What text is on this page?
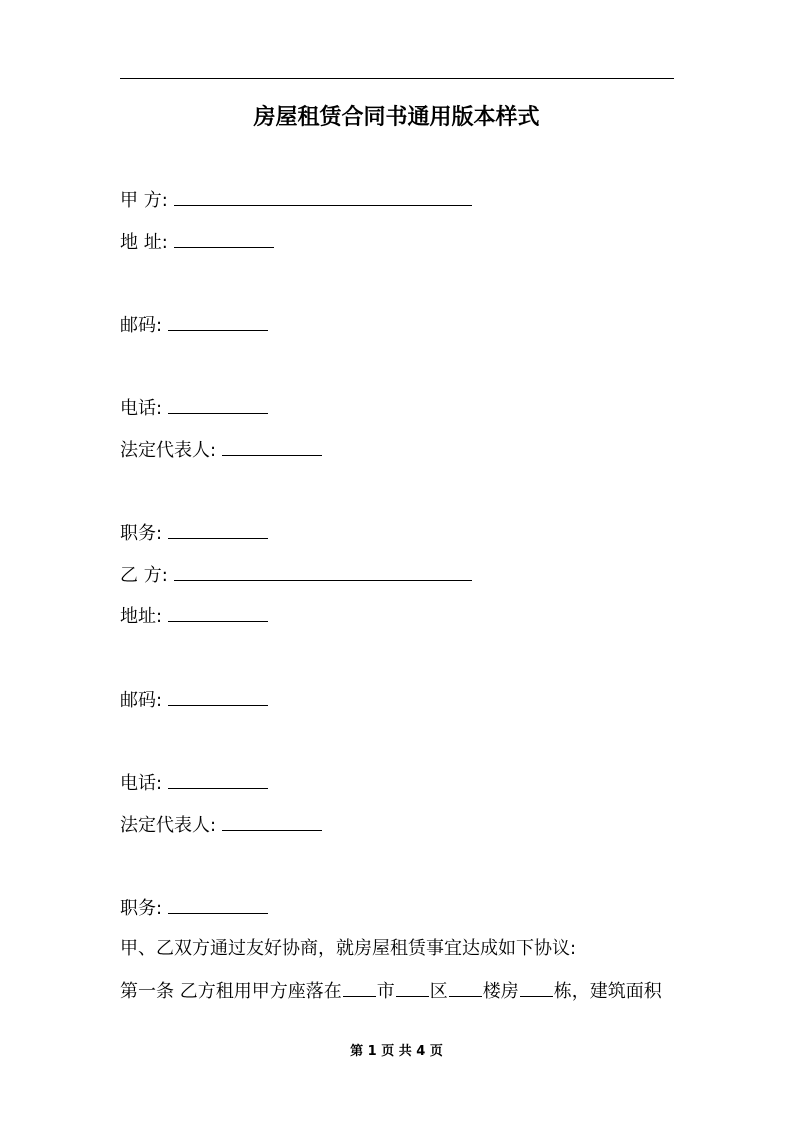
房屋租赁合同书通用版本样式
甲 方:
地 址:
邮码:
电话:
法定代表人:
职务:
乙 方:
地址:
邮码:
电话:
法定代表人:
职务:
甲、乙双方通过友好协商，就房屋租赁事宜达成如下协议:
第一条 乙方租用甲方座落在 市 区 楼房 栋，建筑面积
第 1 页 共 4 页
